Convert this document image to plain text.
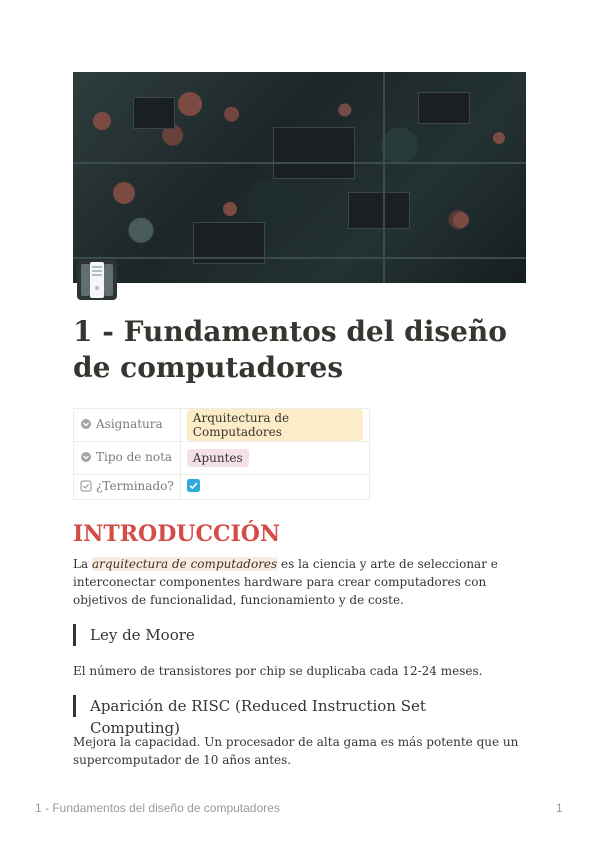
1 - Fundamentos del diseño de computadores
Asignatura	Arquitectura de Computadores
Tipo de nota	Apuntes
¿Terminado?	
INTRODUCCIÓN

La arquitectura de computadores es la ciencia y arte de seleccionar e interconectar componentes hardware para crear computadores con objetivos de funcionalidad, funcionamiento y de coste.

Ley de Moore

El número de transistores por chip se duplicaba cada 12-24 meses.

Aparición de RISC (Reduced Instruction Set Computing)

Mejora la capacidad. Un procesador de alta gama es más potente que un supercomputador de 10 años antes.

1 - Fundamentos del diseño de computadores	1
